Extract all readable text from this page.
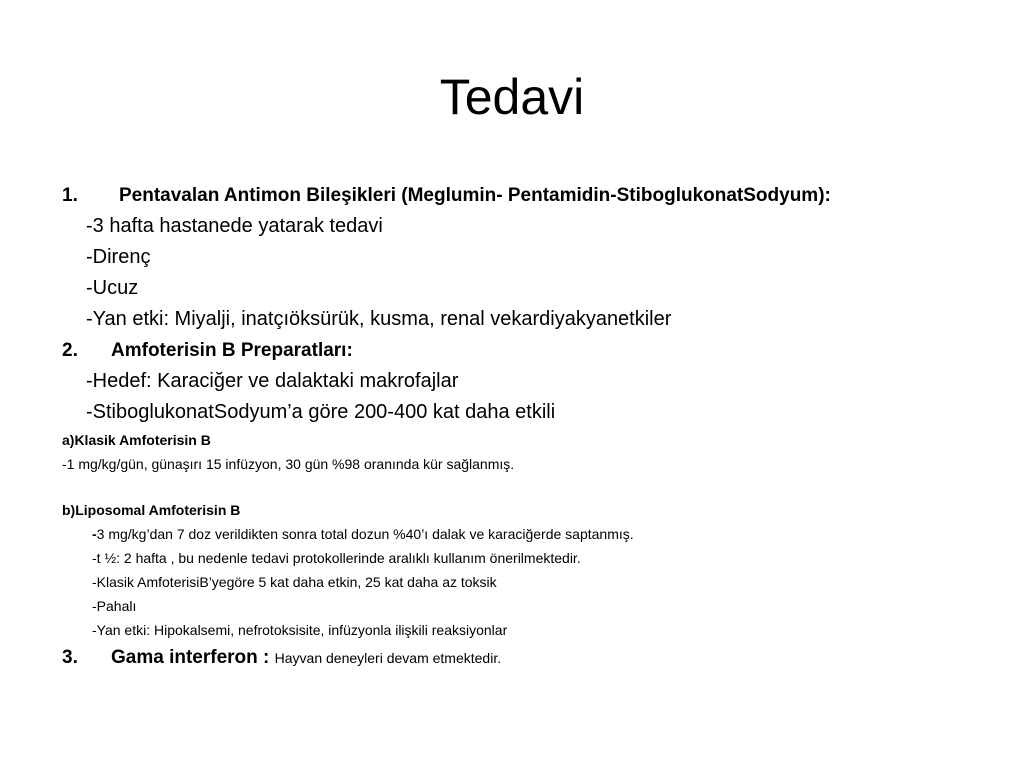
Tedavi
1. Pentavalan Antimon Bileşikleri (Meglumin- Pentamidin-StiboglukonatSodyum):
-3 hafta hastanede yatarak tedavi
-Direnç
-Ucuz
-Yan etki: Miyalji, inatçıöksürük, kusma, renal vekardiyakyanetkiler
2. Amfoterisin B Preparatları:
-Hedef: Karaciğer ve dalaktaki makrofajlar
-StiboglukonatSodyum’a göre 200-400 kat daha etkili
a)Klasik Amfoterisin B
-1 mg/kg/gün, günaşırı 15 infüzyon, 30 gün %98 oranında kür sağlanmış.
b)Liposomal Amfoterisin B
-3 mg/kg’dan 7 doz verildikten sonra total dozun %40’ı dalak ve karaciğerde saptanmış.
-t ½: 2 hafta , bu nedenle tedavi protokollerinde aralıklı kullanım önerilmektedir.
-Klasik AmfoterisiB’yegöre 5 kat daha etkin, 25 kat daha az toksik
-Pahalı
-Yan etki: Hipokalsemi, nefrotoksisite, infüzyonla ilişkili reaksiyonlar
3. Gama interferon : Hayvan deneyleri devam etmektedir.
